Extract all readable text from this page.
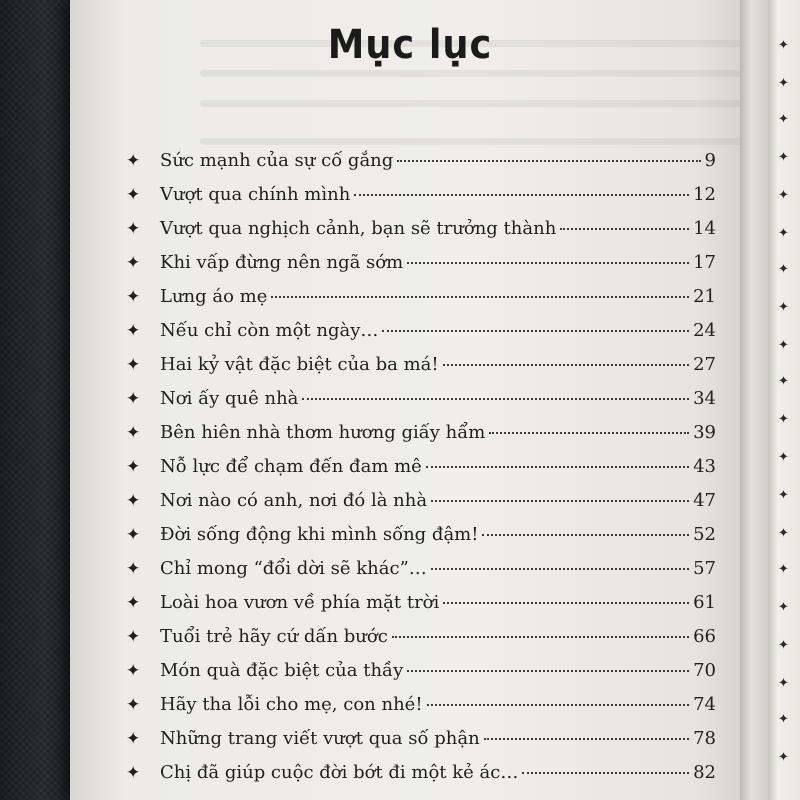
Mục lục
✦	Sức mạnh của sự cố gắng	9
✦	Vượt qua chính mình	12
✦	Vượt qua nghịch cảnh, bạn sẽ trưởng thành	14
✦	Khi vấp đừng nên ngã sớm	17
✦	Lưng áo mẹ	21
✦	Nếu chỉ còn một ngày…	24
✦	Hai kỷ vật đặc biệt của ba má!	27
✦	Nơi ấy quê nhà	34
✦	Bên hiên nhà thơm hương giấy hẩm	39
✦	Nỗ lực để chạm đến đam mê	43
✦	Nơi nào có anh, nơi đó là nhà	47
✦	Đời sống động khi mình sống đậm!	52
✦	Chỉ mong “đổi dời sẽ khác”…	57
✦	Loài hoa vươn về phía mặt trời	61
✦	Tuổi trẻ hãy cứ dấn bước	66
✦	Món quà đặc biệt của thầy	70
✦	Hãy tha lỗi cho mẹ, con nhé!	74
✦	Những trang viết vượt qua số phận	78
✦	Chị đã giúp cuộc đời bớt đi một kẻ ác…	82
✦
✦
✦
✦
✦
✦
✦
✦
✦
✦
✦
✦
✦
✦
✦
✦
✦
✦
✦
✦
